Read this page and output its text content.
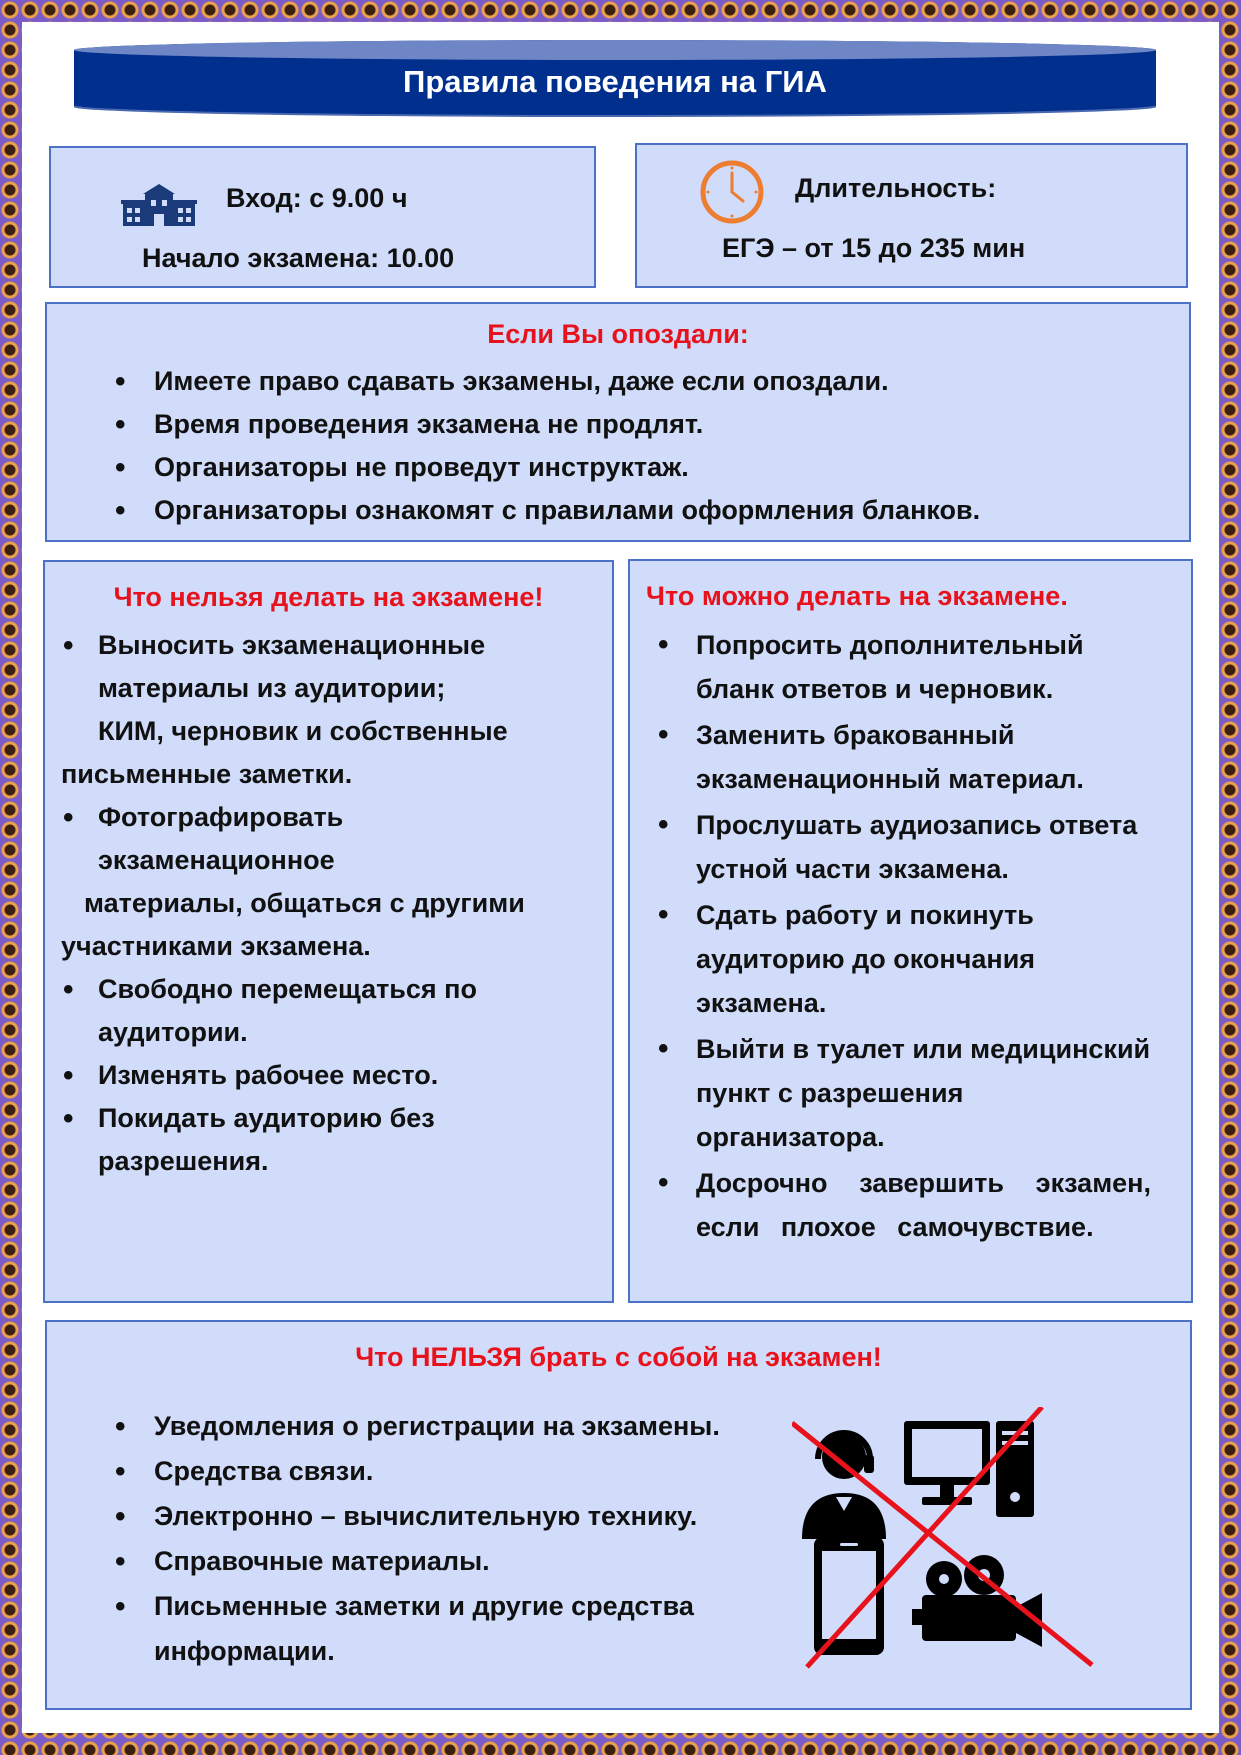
Правила поведения на ГИА
Вход: с 9.00 ч
Начало экзамена: 10.00
Длительность:
ЕГЭ – от 15 до 235 мин
Если Вы опоздали:
• Имеете право сдавать экзамены, даже если опоздали.
• Время проведения экзамена не продлят.
• Организаторы не проведут инструктаж.
• Организаторы ознакомят с правилами оформления бланков.
Что нельзя делать на экзамене!
• Выносить экзаменационные
материалы из аудитории;
КИМ, черновик и собственные
письменные заметки.
• Фотографировать
экзаменационное
материалы, общаться с другими
участниками экзамена.
• Свободно перемещаться по аудитории.
• Изменять рабочее место.
• Покидать аудиторию без разрешения.
Что можно делать на экзамене.
• Попросить дополнительный бланк ответов и черновик.
• Заменить бракованный экзаменационный материал.
• Прослушать аудиозапись ответа устной части экзамена.
• Сдать работу и покинуть аудиторию до окончания экзамена.
• Выйти в туалет или медицинский пункт с разрешения организатора.
• Досрочно завершить экзамен, если плохое самочувствие.
Что НЕЛЬЗЯ брать с собой на экзамен!
• Уведомления о регистрации на экзамены.
• Средства связи.
• Электронно – вычислительную технику.
• Справочные материалы.
• Письменные заметки и другие средства информации.
